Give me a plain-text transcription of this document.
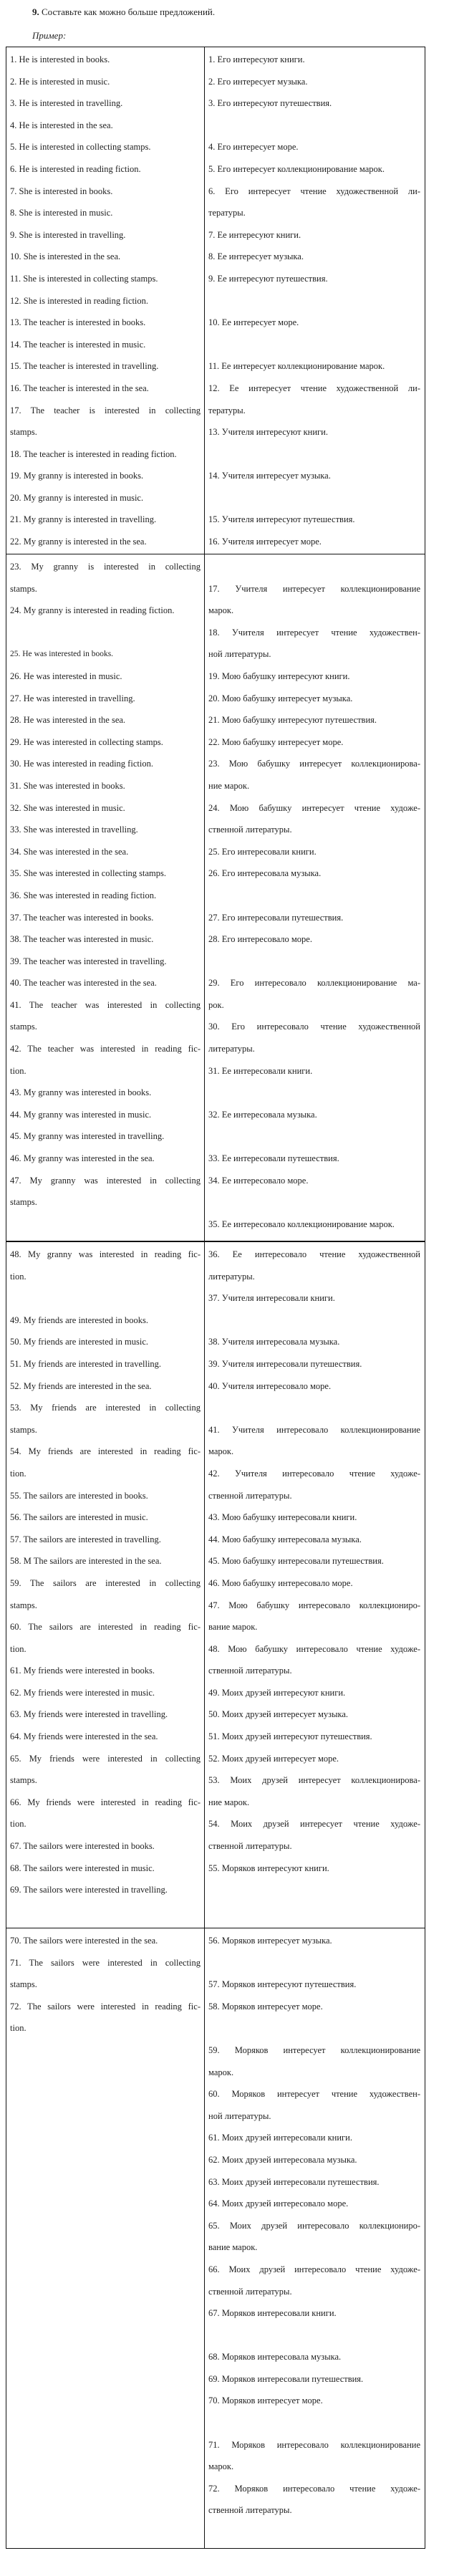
9. Составьте как можно больше предложений.
Пример:
1. He is interested in books.
2. He is interested in music.
3. He is interested in travelling.
4. He is interested in the sea.
5. He is interested in collecting stamps.
6. He is interested in reading fiction.
7. She is interested in books.
8. She is interested in music.
9. She is interested in travelling.
10. She is interested in the sea.
11. She is interested in collecting stamps.
12. She is interested in reading fiction.
13. The teacher is interested in books.
14. The teacher is interested in music.
15. The teacher is interested in travelling.
16. The teacher is interested in the sea.
17. The teacher is interested in collecting
stamps.
18. The teacher is interested in reading fiction.
19. My granny is interested in books.
20. My granny is interested in music.
21. My granny is interested in travelling.
22. My granny is interested in the sea.
1. Его интересуют книги.
2. Его интересует музыка.
3. Его интересуют путешествия.
4. Его интересует море.
5. Его интересует коллекционирование марок.
6. Его интересует чтение художественной ли-
тературы.
7. Ее интересуют книги.
8. Ее интересует музыка.
9. Ее интересуют путешествия.
10. Ее интересует море.
11. Ее интересует коллекционирование марок.
12. Ее интересует чтение художественной ли-
тературы.
13. Учителя интересуют книги.
14. Учителя интересует музыка.
15. Учителя интересуют путешествия.
16. Учителя интересует море.
23. My granny is interested in collecting
stamps.
24. My granny is interested in reading fiction.
25. He was interested in books.
26. He was interested in music.
27. He was interested in travelling.
28. He was interested in the sea.
29. He was interested in collecting stamps.
30. He was interested in reading fiction.
31. She was interested in books.
32. She was interested in music.
33. She was interested in travelling.
34. She was interested in the sea.
35. She was interested in collecting stamps.
36. She was interested in reading fiction.
37. The teacher was interested in books.
38. The teacher was interested in music.
39. The teacher was interested in travelling.
40. The teacher was interested in the sea.
41. The teacher was interested in collecting
stamps.
42. The teacher was interested in reading fic-
tion.
43. My granny was interested in books.
44. My granny was interested in music.
45. My granny was interested in travelling.
46. My granny was interested in the sea.
47. My granny was interested in collecting
stamps.
17. Учителя интересует коллекционирование
марок.
18. Учителя интересует чтение художествен-
ной литературы.
19. Мою бабушку интересуют книги.
20. Мою бабушку интересует музыка.
21. Мою бабушку интересуют путешествия.
22. Мою бабушку интересует море.
23. Мою бабушку интересует коллекционирова-
ние марок.
24. Мою бабушку интересует чтение художе-
ственной литературы.
25. Его интересовали книги.
26. Его интересовала музыка.
27. Его интересовали путешествия.
28. Его интересовало море.
29. Его интересовало коллекционирование ма-
рок.
30. Его интересовало чтение художественной
литературы.
31. Ее интересовали книги.
32. Ее интересовала музыка.
33. Ее интересовали путешествия.
34. Ее интересовало море.
35. Ее интересовало коллекционирование марок.
48. My granny was interested in reading fic-
tion.
49. My friends are interested in books.
50. My friends are interested in music.
51. My friends are interested in travelling.
52. My friends are interested in the sea.
53. My friends are interested in collecting
stamps.
54. My friends are interested in reading fic-
tion.
55. The sailors are interested in books.
56. The sailors are interested in music.
57. The sailors are interested in travelling.
58. M The sailors are interested in the sea.
59. The sailors are interested in collecting
stamps.
60. The sailors are interested in reading fic-
tion.
61. My friends were interested in books.
62. My friends were interested in music.
63. My friends were interested in travelling.
64. My friends were interested in the sea.
65. My friends were interested in collecting
stamps.
66. My friends were interested in reading fic-
tion.
67. The sailors were interested in books.
68. The sailors were interested in music.
69. The sailors were interested in travelling.
36. Ее интересовало чтение художественной
литературы.
37. Учителя интересовали книги.
38. Учителя интересовала музыка.
39. Учителя интересовали путешествия.
40. Учителя интересовало море.
41. Учителя интересовало коллекционирование
марок.
42. Учителя интересовало чтение художе-
ственной литературы.
43. Мою бабушку интересовали книги.
44. Мою бабушку интересовала музыка.
45. Мою бабушку интересовали путешествия.
46. Мою бабушку интересовало море.
47. Мою бабушку интересовало коллекциониро-
вание марок.
48. Мою бабушку интересовало чтение художе-
ственной литературы.
49. Моих друзей интересуют книги.
50. Моих друзей интересует музыка.
51. Моих друзей интересуют путешествия.
52. Моих друзей интересует море.
53. Моих друзей интересует коллекционирова-
ние марок.
54. Моих друзей интересует чтение художе-
ственной литературы.
55. Моряков интересуют книги.
70. The sailors were interested in the sea.
71. The sailors were interested in collecting
stamps.
72. The sailors were interested in reading fic-
tion.
56. Моряков интересует музыка.
57. Моряков интересуют путешествия.
58. Моряков интересует море.
59. Моряков интересует коллекционирование
марок.
60. Моряков интересует чтение художествен-
ной литературы.
61. Моих друзей интересовали книги.
62. Моих друзей интересовала музыка.
63. Моих друзей интересовали путешествия.
64. Моих друзей интересовало море.
65. Моих друзей интересовало коллекциониро-
вание марок.
66. Моих друзей интересовало чтение художе-
ственной литературы.
67. Моряков интересовали книги.
68. Моряков интересовала музыка.
69. Моряков интересовали путешествия.
70. Моряков интересует море.
71. Моряков интересовало коллекционирование
марок.
72. Моряков интересовало чтение художе-
ственной литературы.
